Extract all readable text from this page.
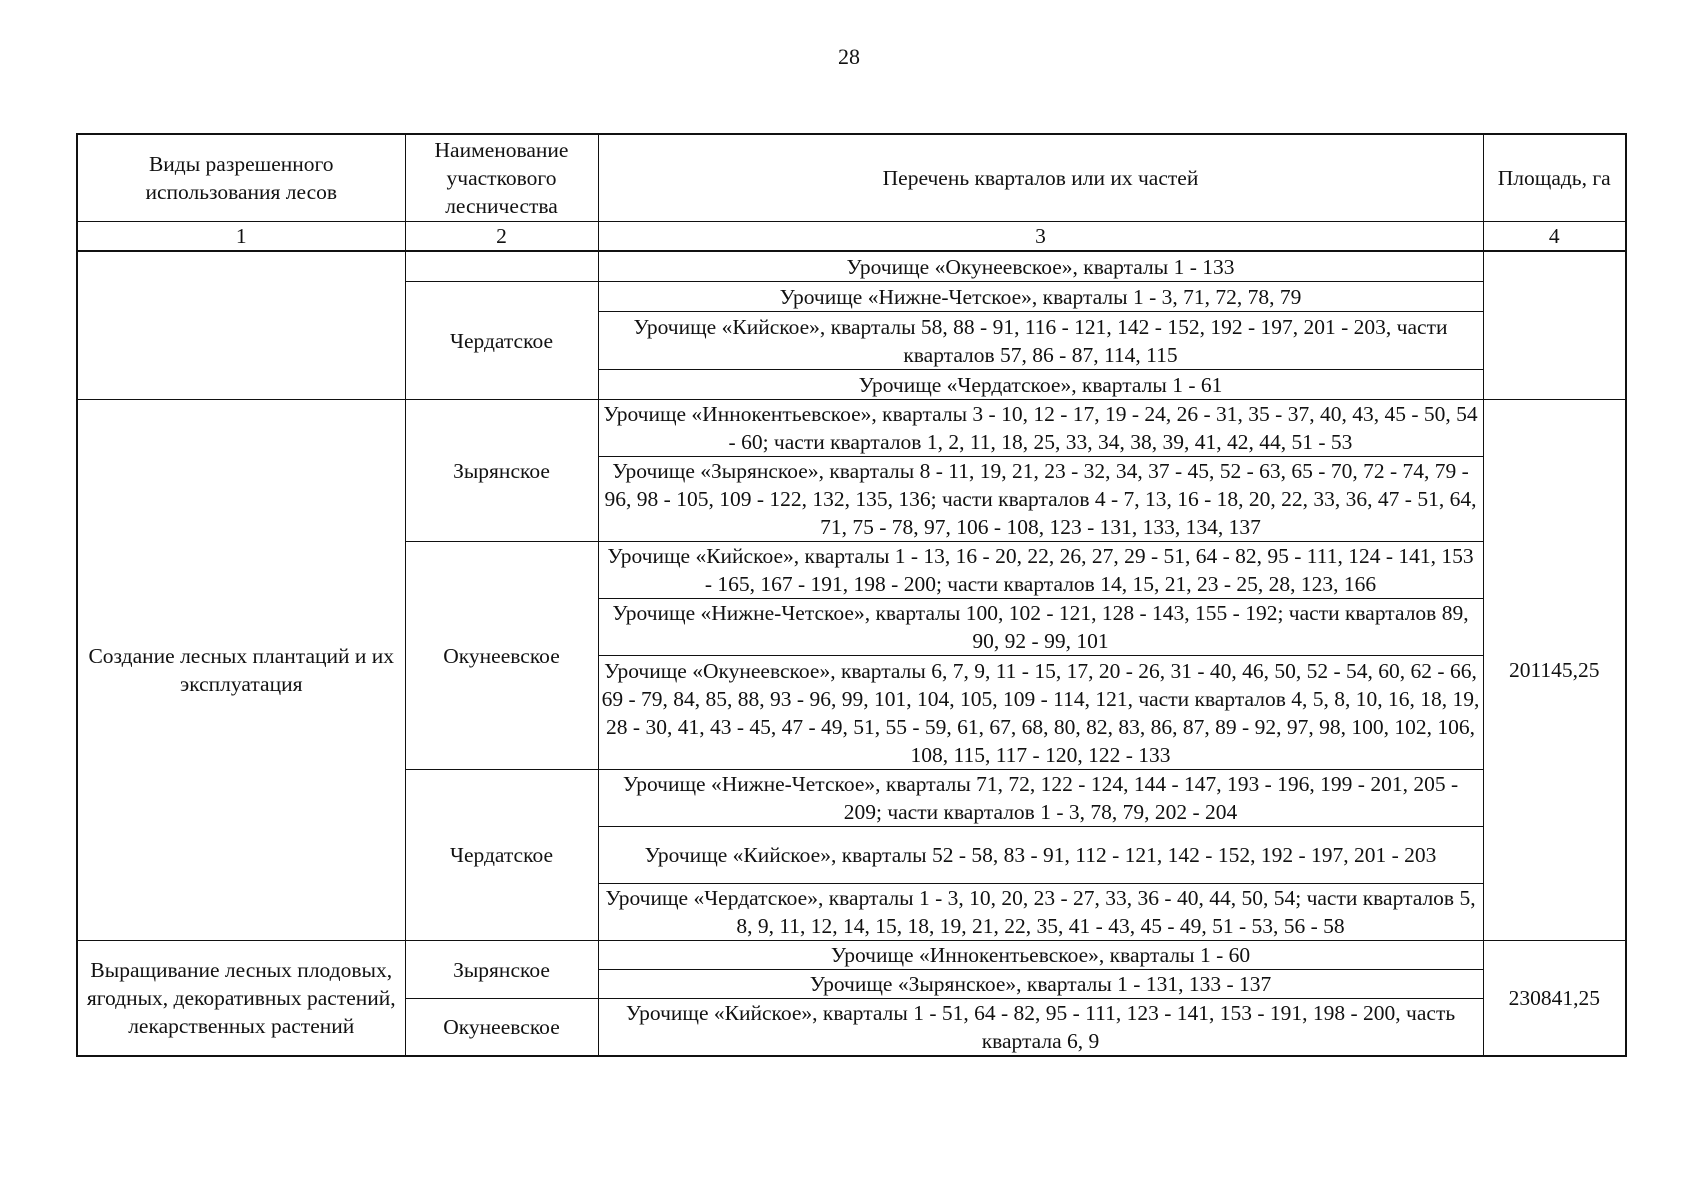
28
Виды разрешенного использования лесов	Наименование участкового лесничества	Перечень кварталов или их частей	Площадь, га
1	2	3	4
		Урочище «Окунеевское», кварталы 1 - 133	
	Чердатское	Урочище «Нижне-Четское», кварталы 1 - 3, 71, 72, 78, 79	
		Урочище «Кийское», кварталы 58, 88 - 91, 116 - 121, 142 - 152, 192 - 197, 201 - 203, части кварталов 57, 86 - 87, 114, 115	
		Урочище «Чердатское», кварталы 1 - 61	
Создание лесных плантаций и их эксплуатация	Зырянское	Урочище «Иннокентьевское», кварталы 3 - 10, 12 - 17, 19 - 24, 26 - 31, 35 - 37, 40, 43, 45 - 50, 54 - 60; части кварталов 1, 2, 11, 18, 25, 33, 34, 38, 39, 41, 42, 44, 51 - 53	201145,25
		Урочище «Зырянское», кварталы 8 - 11, 19, 21, 23 - 32, 34, 37 - 45, 52 - 63, 65 - 70, 72 - 74, 79 - 96, 98 - 105, 109 - 122, 132, 135, 136; части кварталов 4 - 7, 13, 16 - 18, 20, 22, 33, 36, 47 - 51, 64, 71, 75 - 78, 97, 106 - 108, 123 - 131, 133, 134, 137	
	Окунеевское	Урочище «Кийское», кварталы 1 - 13, 16 - 20, 22, 26, 27, 29 - 51, 64 - 82, 95 - 111, 124 - 141, 153 - 165, 167 - 191, 198 - 200; части кварталов 14, 15, 21, 23 - 25, 28, 123, 166	
		Урочище «Нижне-Четское», кварталы 100, 102 - 121, 128 - 143, 155 - 192; части кварталов 89, 90, 92 - 99, 101	
		Урочище «Окунеевское», кварталы 6, 7, 9, 11 - 15, 17, 20 - 26, 31 - 40, 46, 50, 52 - 54, 60, 62 - 66, 69 - 79, 84, 85, 88, 93 - 96, 99, 101, 104, 105, 109 - 114, 121, части кварталов 4, 5, 8, 10, 16, 18, 19, 28 - 30, 41, 43 - 45, 47 - 49, 51, 55 - 59, 61, 67, 68, 80, 82, 83, 86, 87, 89 - 92, 97, 98, 100, 102, 106, 108, 115, 117 - 120, 122 - 133	
	Чердатское	Урочище «Нижне-Четское», кварталы 71, 72, 122 - 124, 144 - 147, 193 - 196, 199 - 201, 205 - 209; части кварталов 1 - 3, 78, 79, 202 - 204	
		Урочище «Кийское», кварталы 52 - 58, 83 - 91, 112 - 121, 142 - 152, 192 - 197, 201 - 203	
		Урочище «Чердатское», кварталы 1 - 3, 10, 20, 23 - 27, 33, 36 - 40, 44, 50, 54; части кварталов 5, 8, 9, 11, 12, 14, 15, 18, 19, 21, 22, 35, 41 - 43, 45 - 49, 51 - 53, 56 - 58	
Выращивание лесных плодовых, ягодных, декоративных растений, лекарственных растений	Зырянское	Урочище «Иннокентьевское», кварталы 1 - 60	230841,25
		Урочище «Зырянское», кварталы 1 - 131, 133 - 137	
	Окунеевское	Урочище «Кийское», кварталы 1 - 51, 64 - 82, 95 - 111, 123 - 141, 153 - 191, 198 - 200, часть квартала 6, 9	
